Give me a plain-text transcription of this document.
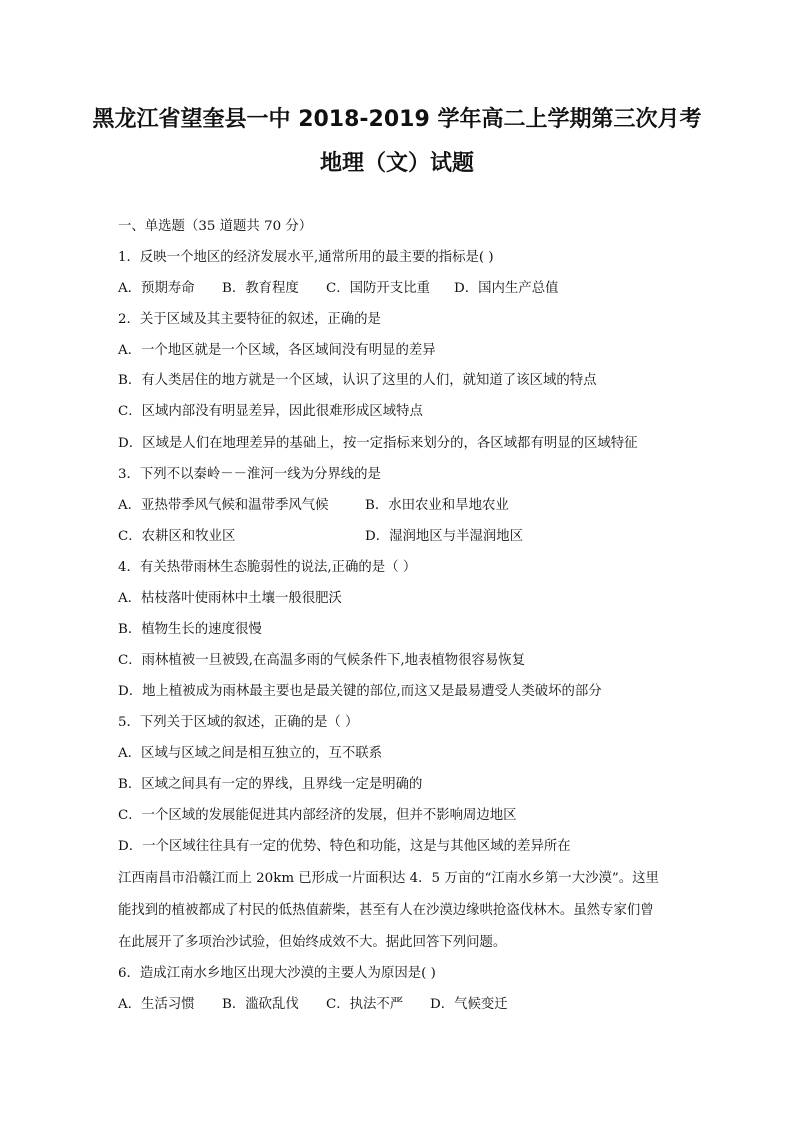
黑龙江省望奎县一中 2018-2019 学年高二上学期第三次月考
地理（文）试题
一、单选题（35 道题共 70 分）
1．反映一个地区的经济发展水平,通常所用的最主要的指标是( )
A．预期寿命 B．教育程度 C．国防开支比重 D．国内生产总值
2．关于区域及其主要特征的叙述，正确的是
A．一个地区就是一个区域，各区域间没有明显的差异
B．有人类居住的地方就是一个区域，认识了这里的人们，就知道了该区域的特点
C．区域内部没有明显差异，因此很难形成区域特点
D．区域是人们在地理差异的基础上，按一定指标来划分的，各区域都有明显的区域特征
3．下列不以秦岭－－淮河一线为分界线的是
A．亚热带季风气候和温带季风气候	B．水田农业和旱地农业
C．农耕区和牧业区	D．湿润地区与半湿润地区
4．有关热带雨林生态脆弱性的说法,正确的是（ ）
A．枯枝落叶使雨林中土壤一般很肥沃
B．植物生长的速度很慢
C．雨林植被一旦被毁,在高温多雨的气候条件下,地表植物很容易恢复
D．地上植被成为雨林最主要也是最关键的部位,而这又是最易遭受人类破坏的部分
5．下列关于区域的叙述，正确的是（ ）
A．区域与区域之间是相互独立的，互不联系
B．区域之间具有一定的界线，且界线一定是明确的
C．一个区域的发展能促进其内部经济的发展，但并不影响周边地区
D．一个区域往往具有一定的优势、特色和功能，这是与其他区域的差异所在
江西南昌市沿赣江而上 20km 已形成一片面积达 4．5 万亩的“江南水乡第一大沙漠”。这里
能找到的植被都成了村民的低热值薪柴，甚至有人在沙漠边缘哄抢盗伐林木。虽然专家们曾
在此展开了多项治沙试验，但始终成效不大。据此回答下列问题。
6．造成江南水乡地区出现大沙漠的主要人为原因是( )
A．生活习惯 B．滥砍乱伐 C．执法不严 D．气候变迁
